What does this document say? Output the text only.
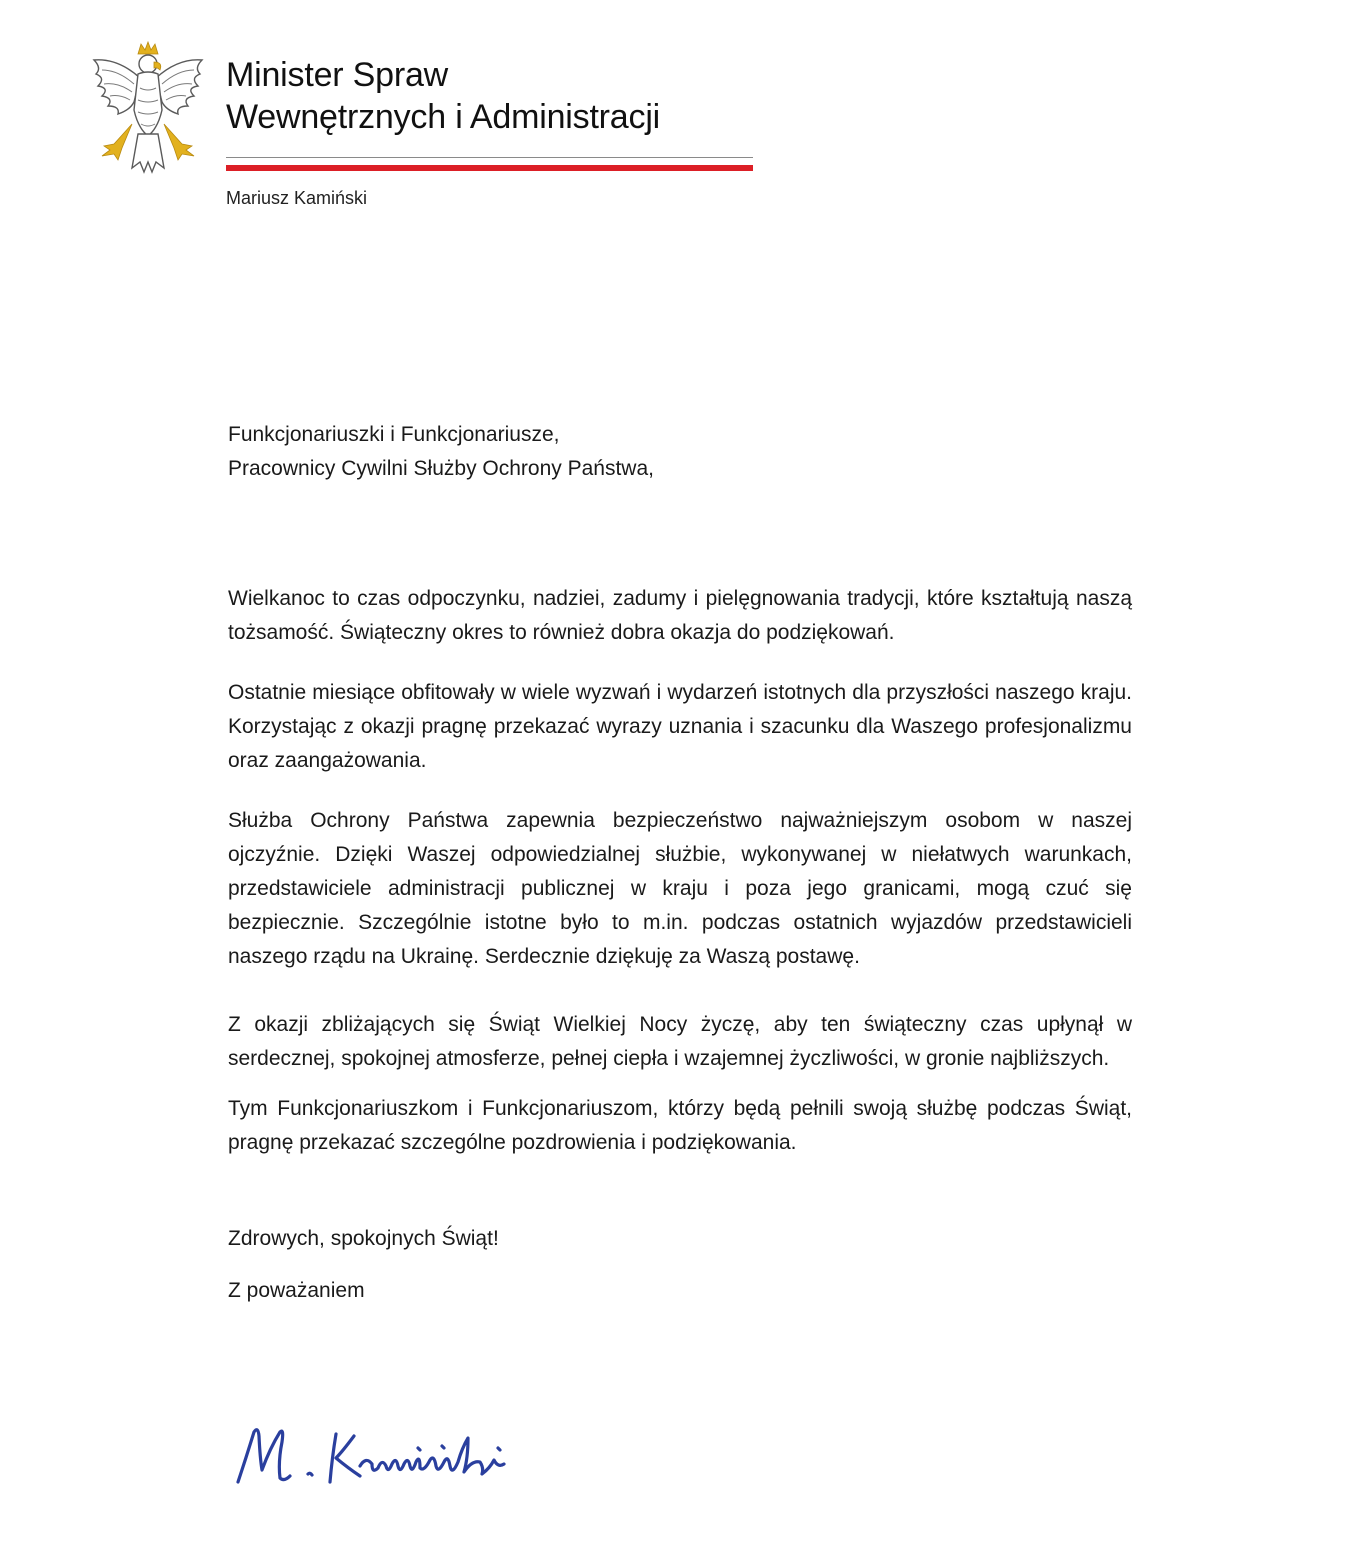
Minister Spraw
Wewnętrznych i Administracji
Mariusz Kamiński

Funkcjonariuszki i Funkcjonariusze,

Pracownicy Cywilni Służby Ochrony Państwa,

Wielkanoc to czas odpoczynku, nadziei, zadumy i pielęgnowania tradycji, które kształtują naszą tożsamość. Świąteczny okres to również dobra okazja do podziękowań.

Ostatnie miesiące obfitowały w wiele wyzwań i wydarzeń istotnych dla przyszłości naszego kraju. Korzystając z okazji pragnę przekazać wyrazy uznania i szacunku dla Waszego profesjonalizmu oraz zaangażowania.

Służba Ochrony Państwa zapewnia bezpieczeństwo najważniejszym osobom w naszej ojczyźnie. Dzięki Waszej odpowiedzialnej służbie, wykonywanej w niełatwych warunkach, przedstawiciele administracji publicznej w kraju i poza jego granicami, mogą czuć się bezpiecznie. Szczególnie istotne było to m.in. podczas ostatnich wyjazdów przedstawicieli naszego rządu na Ukrainę. Serdecznie dziękuję za Waszą postawę.

Z okazji zbliżających się Świąt Wielkiej Nocy życzę, aby ten świąteczny czas upłynął w serdecznej, spokojnej atmosferze, pełnej ciepła i wzajemnej życzliwości, w gronie najbliższych.

Tym Funkcjonariuszkom i Funkcjonariuszom, którzy będą pełnili swoją służbę podczas Świąt, pragnę przekazać szczególne pozdrowienia i podziękowania.

Zdrowych, spokojnych Świąt!

Z poważaniem
